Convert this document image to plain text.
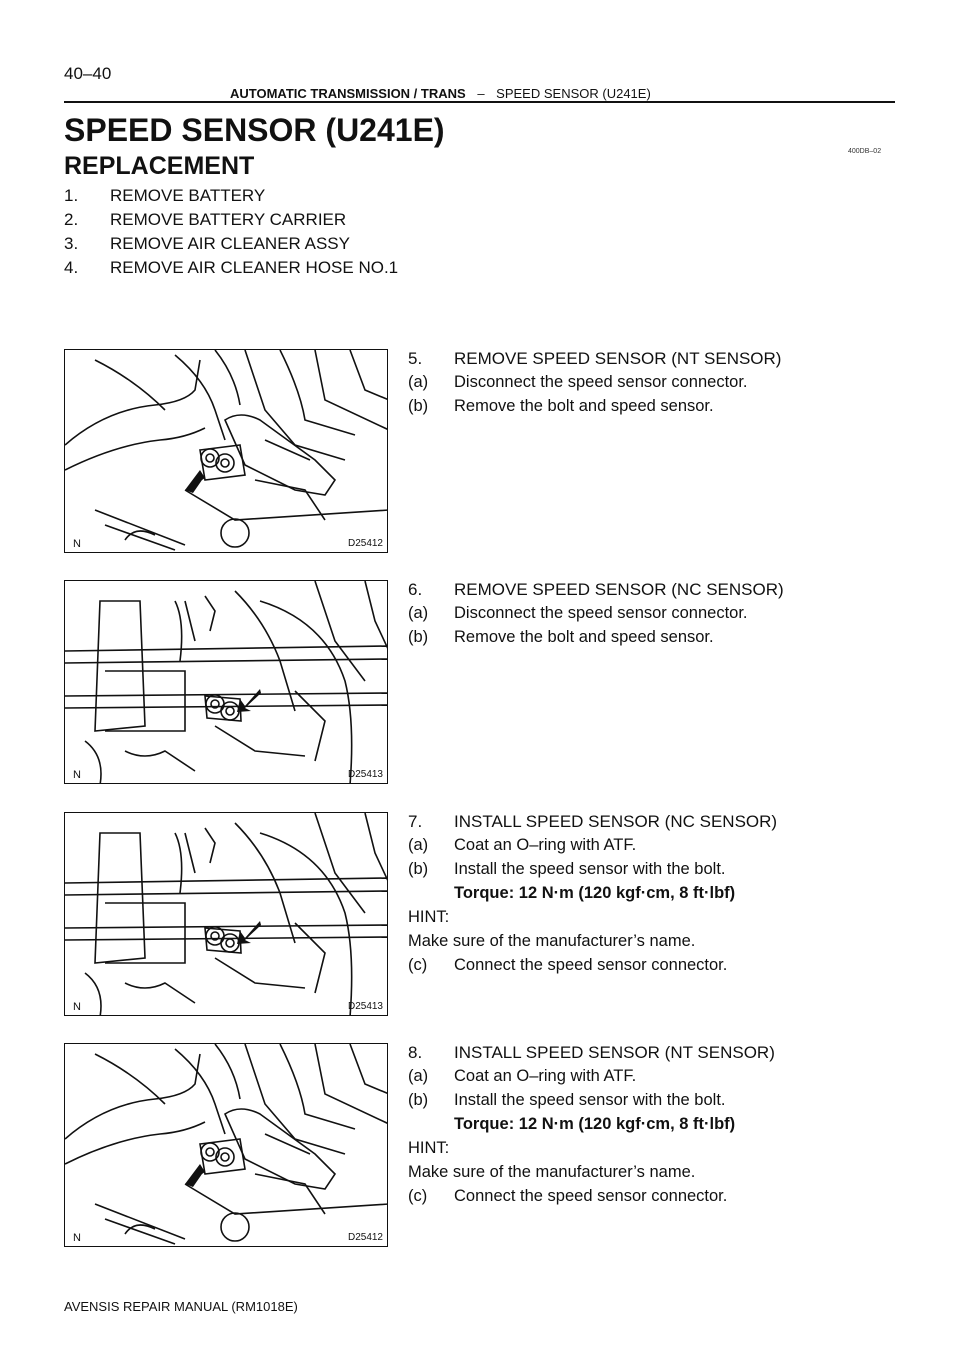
40–40
AUTOMATIC TRANSMISSION / TRANS – SPEED SENSOR (U241E)
SPEED SENSOR (U241E)
REPLACEMENT
400DB–02
1. REMOVE BATTERY
2. REMOVE BATTERY CARRIER
3. REMOVE AIR CLEANER ASSY
4. REMOVE AIR CLEANER HOSE NO.1
N	D25412
5. REMOVE SPEED SENSOR (NT SENSOR)
(a) Disconnect the speed sensor connector.
(b) Remove the bolt and speed sensor.
N	D25413
6. REMOVE SPEED SENSOR (NC SENSOR)
(a) Disconnect the speed sensor connector.
(b) Remove the bolt and speed sensor.
N	D25413
7. INSTALL SPEED SENSOR (NC SENSOR)
(a) Coat an O–ring with ATF.
(b) Install the speed sensor with the bolt.
Torque: 12 N·m (120 kgf·cm, 8 ft·lbf)
HINT:
Make sure of the manufacturer’s name.
(c) Connect the speed sensor connector.
N	D25412
8. INSTALL SPEED SENSOR (NT SENSOR)
(a) Coat an O–ring with ATF.
(b) Install the speed sensor with the bolt.
Torque: 12 N·m (120 kgf·cm, 8 ft·lbf)
HINT:
Make sure of the manufacturer’s name.
(c) Connect the speed sensor connector.
AVENSIS REPAIR MANUAL (RM1018E)
